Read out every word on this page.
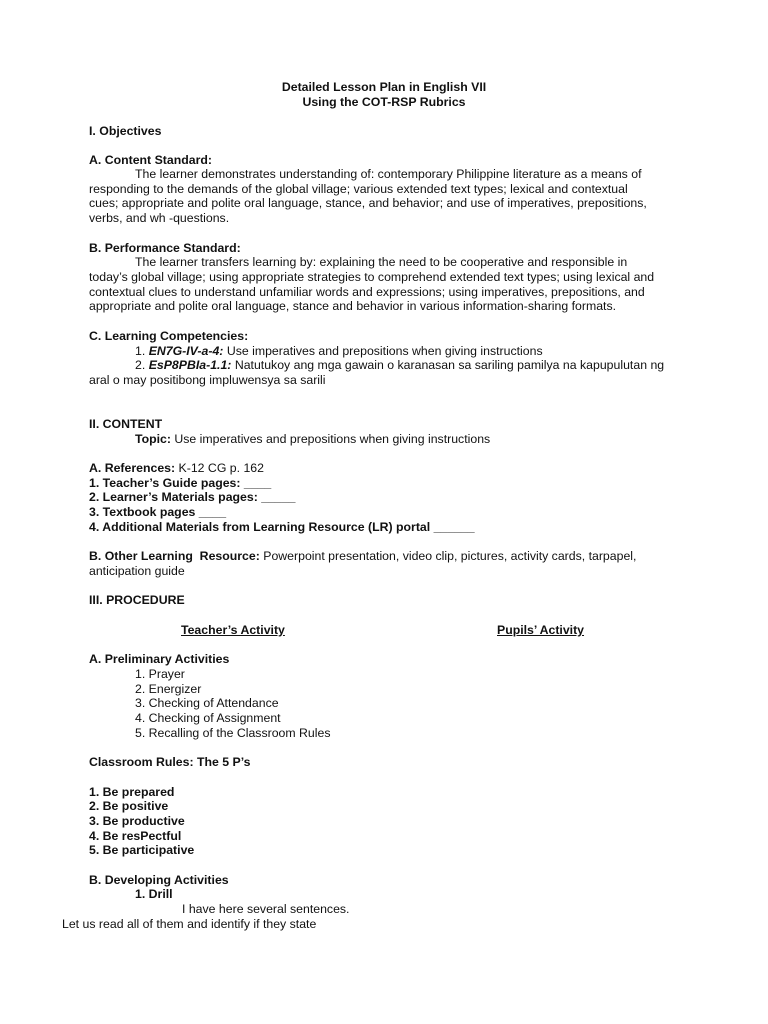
Detailed Lesson Plan in English VII
Using the COT-RSP Rubrics
I. Objectives
A. Content Standard:
The learner demonstrates understanding of: contemporary Philippine literature as a means of
responding to the demands of the global village; various extended text types; lexical and contextual
cues; appropriate and polite oral language, stance, and behavior; and use of imperatives, prepositions,
verbs, and wh -questions.
B. Performance Standard:
The learner transfers learning by: explaining the need to be cooperative and responsible in
today’s global village; using appropriate strategies to comprehend extended text types; using lexical and
contextual clues to understand unfamiliar words and expressions; using imperatives, prepositions, and
appropriate and polite oral language, stance and behavior in various information-sharing formats.
C. Learning Competencies:
1. EN7G-IV-a-4: Use imperatives and prepositions when giving instructions
2. EsP8PBIa-1.1: Natutukoy ang mga gawain o karanasan sa sariling pamilya na kapupulutan ng
aral o may positibong impluwensya sa sarili
II. CONTENT
Topic: Use imperatives and prepositions when giving instructions
A. References: K-12 CG p. 162
1. Teacher’s Guide pages: ____
2. Learner’s Materials pages: _____
3. Textbook pages ____
4. Additional Materials from Learning Resource (LR) portal ______
B. Other Learning  Resource: Powerpoint presentation, video clip, pictures, activity cards, tarpapel,
anticipation guide
III. PROCEDURE
Teacher’s Activity	Pupils’ Activity
A. Preliminary Activities
1. Prayer
2. Energizer
3. Checking of Attendance
4. Checking of Assignment
5. Recalling of the Classroom Rules
Classroom Rules: The 5 P’s
1. Be prepared
2. Be positive
3. Be productive
4. Be resPectful
5. Be participative
B. Developing Activities
1. Drill
I have here several sentences.
Let us read all of them and identify if they state
